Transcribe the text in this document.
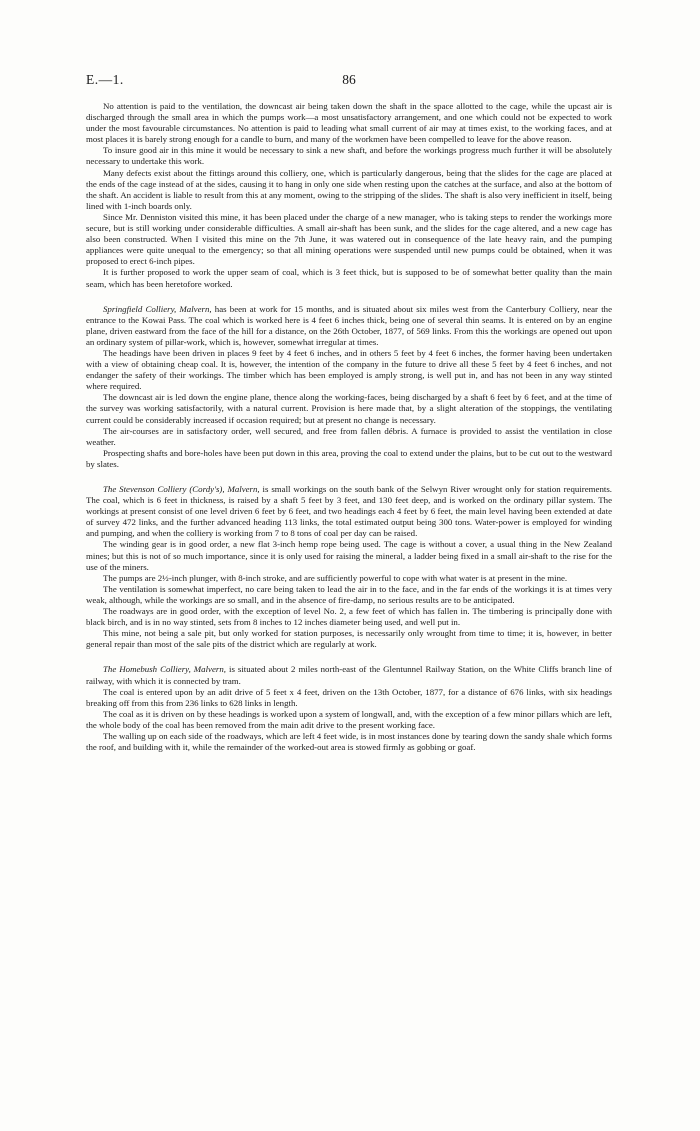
E.—1.	86

No attention is paid to the ventilation, the downcast air being taken down the shaft in the space allotted to the cage, while the upcast air is discharged through the small area in which the pumps work—a most unsatisfactory arrangement, and one which could not be expected to work under the most favourable circumstances. No attention is paid to leading what small current of air may at times exist, to the working faces, and at most places it is barely strong enough for a candle to burn, and many of the workmen have been compelled to leave for the above reason.

To insure good air in this mine it would be necessary to sink a new shaft, and before the workings progress much further it will be absolutely necessary to undertake this work.

Many defects exist about the fittings around this colliery, one, which is particularly dangerous, being that the slides for the cage are placed at the ends of the cage instead of at the sides, causing it to hang in only one side when resting upon the catches at the surface, and also at the bottom of the shaft. An accident is liable to result from this at any moment, owing to the stripping of the slides. The shaft is also very inefficient in itself, being lined with 1-inch boards only.

Since Mr. Denniston visited this mine, it has been placed under the charge of a new manager, who is taking steps to render the workings more secure, but is still working under considerable difficulties. A small air-shaft has been sunk, and the slides for the cage altered, and a new cage has also been constructed. When I visited this mine on the 7th June, it was watered out in consequence of the late heavy rain, and the pumping appliances were quite unequal to the emergency; so that all mining operations were suspended until new pumps could be obtained, when it was proposed to erect 6-inch pipes.

It is further proposed to work the upper seam of coal, which is 3 feet thick, but is supposed to be of somewhat better quality than the main seam, which has been heretofore worked.

Springfield Colliery, Malvern, has been at work for 15 months, and is situated about six miles west from the Canterbury Colliery, near the entrance to the Kowai Pass. The coal which is worked here is 4 feet 6 inches thick, being one of several thin seams. It is entered on by an engine plane, driven eastward from the face of the hill for a distance, on the 26th October, 1877, of 569 links. From this the workings are opened out upon an ordinary system of pillar-work, which is, however, somewhat irregular at times.

The headings have been driven in places 9 feet by 4 feet 6 inches, and in others 5 feet by 4 feet 6 inches, the former having been undertaken with a view of obtaining cheap coal. It is, however, the intention of the company in the future to drive all these 5 feet by 4 feet 6 inches, and not endanger the safety of their workings. The timber which has been employed is amply strong, is well put in, and has not been in any way stinted where required.

The downcast air is led down the engine plane, thence along the working-faces, being discharged by a shaft 6 feet by 6 feet, and at the time of the survey was working satisfactorily, with a natural current. Provision is here made that, by a slight alteration of the stoppings, the ventilating current could be considerably increased if occasion required; but at present no change is necessary.

The air-courses are in satisfactory order, well secured, and free from fallen débris. A furnace is provided to assist the ventilation in close weather.

Prospecting shafts and bore-holes have been put down in this area, proving the coal to extend under the plains, but to be cut out to the westward by slates.

The Stevenson Colliery (Cordy's), Malvern, is small workings on the south bank of the Selwyn River wrought only for station requirements. The coal, which is 6 feet in thickness, is raised by a shaft 5 feet by 3 feet, and 130 feet deep, and is worked on the ordinary pillar system. The workings at present consist of one level driven 6 feet by 6 feet, and two headings each 4 feet by 6 feet, the main level having been extended at date of survey 472 links, and the further advanced heading 113 links, the total estimated output being 300 tons. Water-power is employed for winding and pumping, and when the colliery is working from 7 to 8 tons of coal per day can be raised.

The winding gear is in good order, a new flat 3-inch hemp rope being used. The cage is without a cover, a usual thing in the New Zealand mines; but this is not of so much importance, since it is only used for raising the mineral, a ladder being fixed in a small air-shaft to the rise for the use of the miners.

The pumps are 2½-inch plunger, with 8-inch stroke, and are sufficiently powerful to cope with what water is at present in the mine.

The ventilation is somewhat imperfect, no care being taken to lead the air in to the face, and in the far ends of the workings it is at times very weak, although, while the workings are so small, and in the absence of fire-damp, no serious results are to be anticipated.

The roadways are in good order, with the exception of level No. 2, a few feet of which has fallen in. The timbering is principally done with black birch, and is in no way stinted, sets from 8 inches to 12 inches diameter being used, and well put in.

This mine, not being a sale pit, but only worked for station purposes, is necessarily only wrought from time to time; it is, however, in better general repair than most of the sale pits of the district which are regularly at work.

The Homebush Colliery, Malvern, is situated about 2 miles north-east of the Glentunnel Railway Station, on the White Cliffs branch line of railway, with which it is connected by tram.

The coal is entered upon by an adit drive of 5 feet x 4 feet, driven on the 13th October, 1877, for a distance of 676 links, with six headings breaking off from this from 236 links to 628 links in length.

The coal as it is driven on by these headings is worked upon a system of longwall, and, with the exception of a few minor pillars which are left, the whole body of the coal has been removed from the main adit drive to the present working face.

The walling up on each side of the roadways, which are left 4 feet wide, is in most instances done by tearing down the sandy shale which forms the roof, and building with it, while the remainder of the worked-out area is stowed firmly as gobbing or goaf.
